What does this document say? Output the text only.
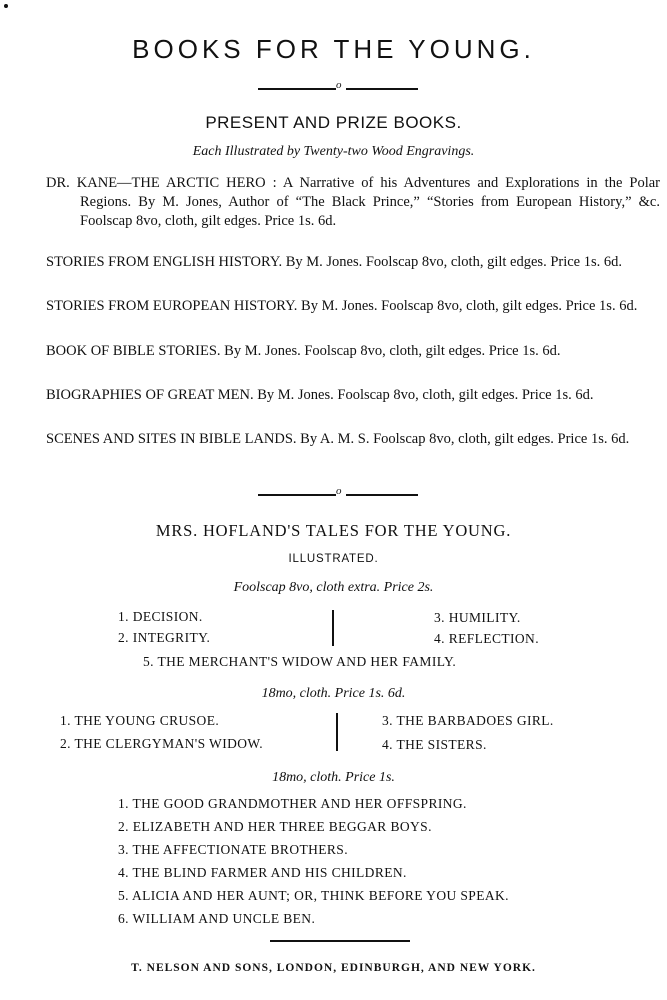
BOOKS FOR THE YOUNG.
o
PRESENT AND PRIZE BOOKS.
Each Illustrated by Twenty-two Wood Engravings.
DR. KANE—THE ARCTIC HERO : A Narrative of his Adventures and Explorations in the Polar Regions. By M. Jones, Author of “The Black Prince,” “Stories from European History,” &c. Foolscap 8vo, cloth, gilt edges. Price 1s. 6d.
STORIES FROM ENGLISH HISTORY. By M. Jones. Foolscap 8vo, cloth, gilt edges. Price 1s. 6d.
STORIES FROM EUROPEAN HISTORY. By M. Jones. Foolscap 8vo, cloth, gilt edges. Price 1s. 6d.
BOOK OF BIBLE STORIES. By M. Jones. Foolscap 8vo, cloth, gilt edges. Price 1s. 6d.
BIOGRAPHIES OF GREAT MEN. By M. Jones. Foolscap 8vo, cloth, gilt edges. Price 1s. 6d.
SCENES AND SITES IN BIBLE LANDS. By A. M. S. Foolscap 8vo, cloth, gilt edges. Price 1s. 6d.
o
MRS. HOFLAND'S TALES FOR THE YOUNG.
ILLUSTRATED.
Foolscap 8vo, cloth extra. Price 2s.
1. DECISION.
2. INTEGRITY.
3. HUMILITY.
4. REFLECTION.
5. THE MERCHANT'S WIDOW AND HER FAMILY.
18mo, cloth. Price 1s. 6d.
1. THE YOUNG CRUSOE.
2. THE CLERGYMAN'S WIDOW.
3. THE BARBADOES GIRL.
4. THE SISTERS.
18mo, cloth. Price 1s.
1. THE GOOD GRANDMOTHER AND HER OFFSPRING.
2. ELIZABETH AND HER THREE BEGGAR BOYS.
3. THE AFFECTIONATE BROTHERS.
4. THE BLIND FARMER AND HIS CHILDREN.
5. ALICIA AND HER AUNT; OR, THINK BEFORE YOU SPEAK.
6. WILLIAM AND UNCLE BEN.
T. NELSON AND SONS, LONDON, EDINBURGH, AND NEW YORK.
